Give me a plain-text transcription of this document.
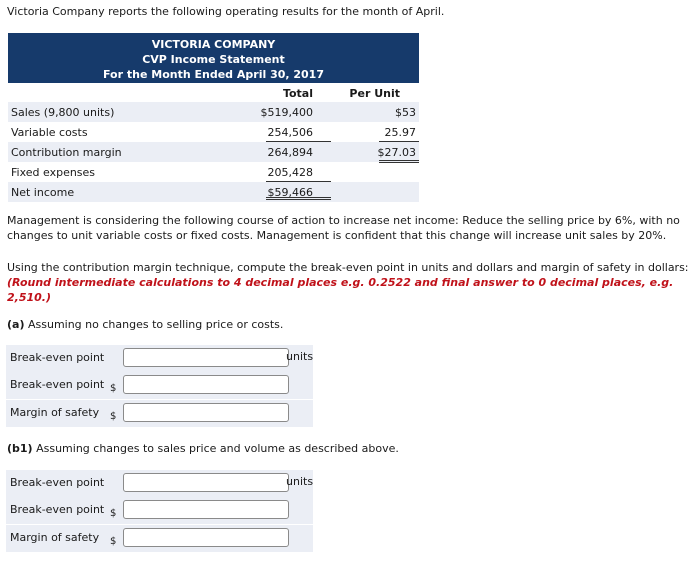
Victoria Company reports the following operating results for the month of April.
VICTORIA COMPANY
CVP Income Statement
For the Month Ended April 30, 2017
Total	Per Unit
Sales (9,800 units)	$519,400	$53
Variable costs	254,506	25.97
Contribution margin	264,894	$27.03
Fixed expenses	205,428
Net income	$59,466
Management is considering the following course of action to increase net income: Reduce the selling price by 6%, with no changes to unit variable costs or fixed costs. Management is confident that this change will increase unit sales by 20%.
Using the contribution margin technique, compute the break-even point in units and dollars and margin of safety in dollars: (Round intermediate calculations to 4 decimal places e.g. 0.2522 and final answer to 0 decimal places, e.g. 2,510.)
(a) Assuming no changes to selling price or costs.
Break-even point	units
Break-even point $
Margin of safety $
(b1) Assuming changes to sales price and volume as described above.
Break-even point	units
Break-even point $
Margin of safety $
